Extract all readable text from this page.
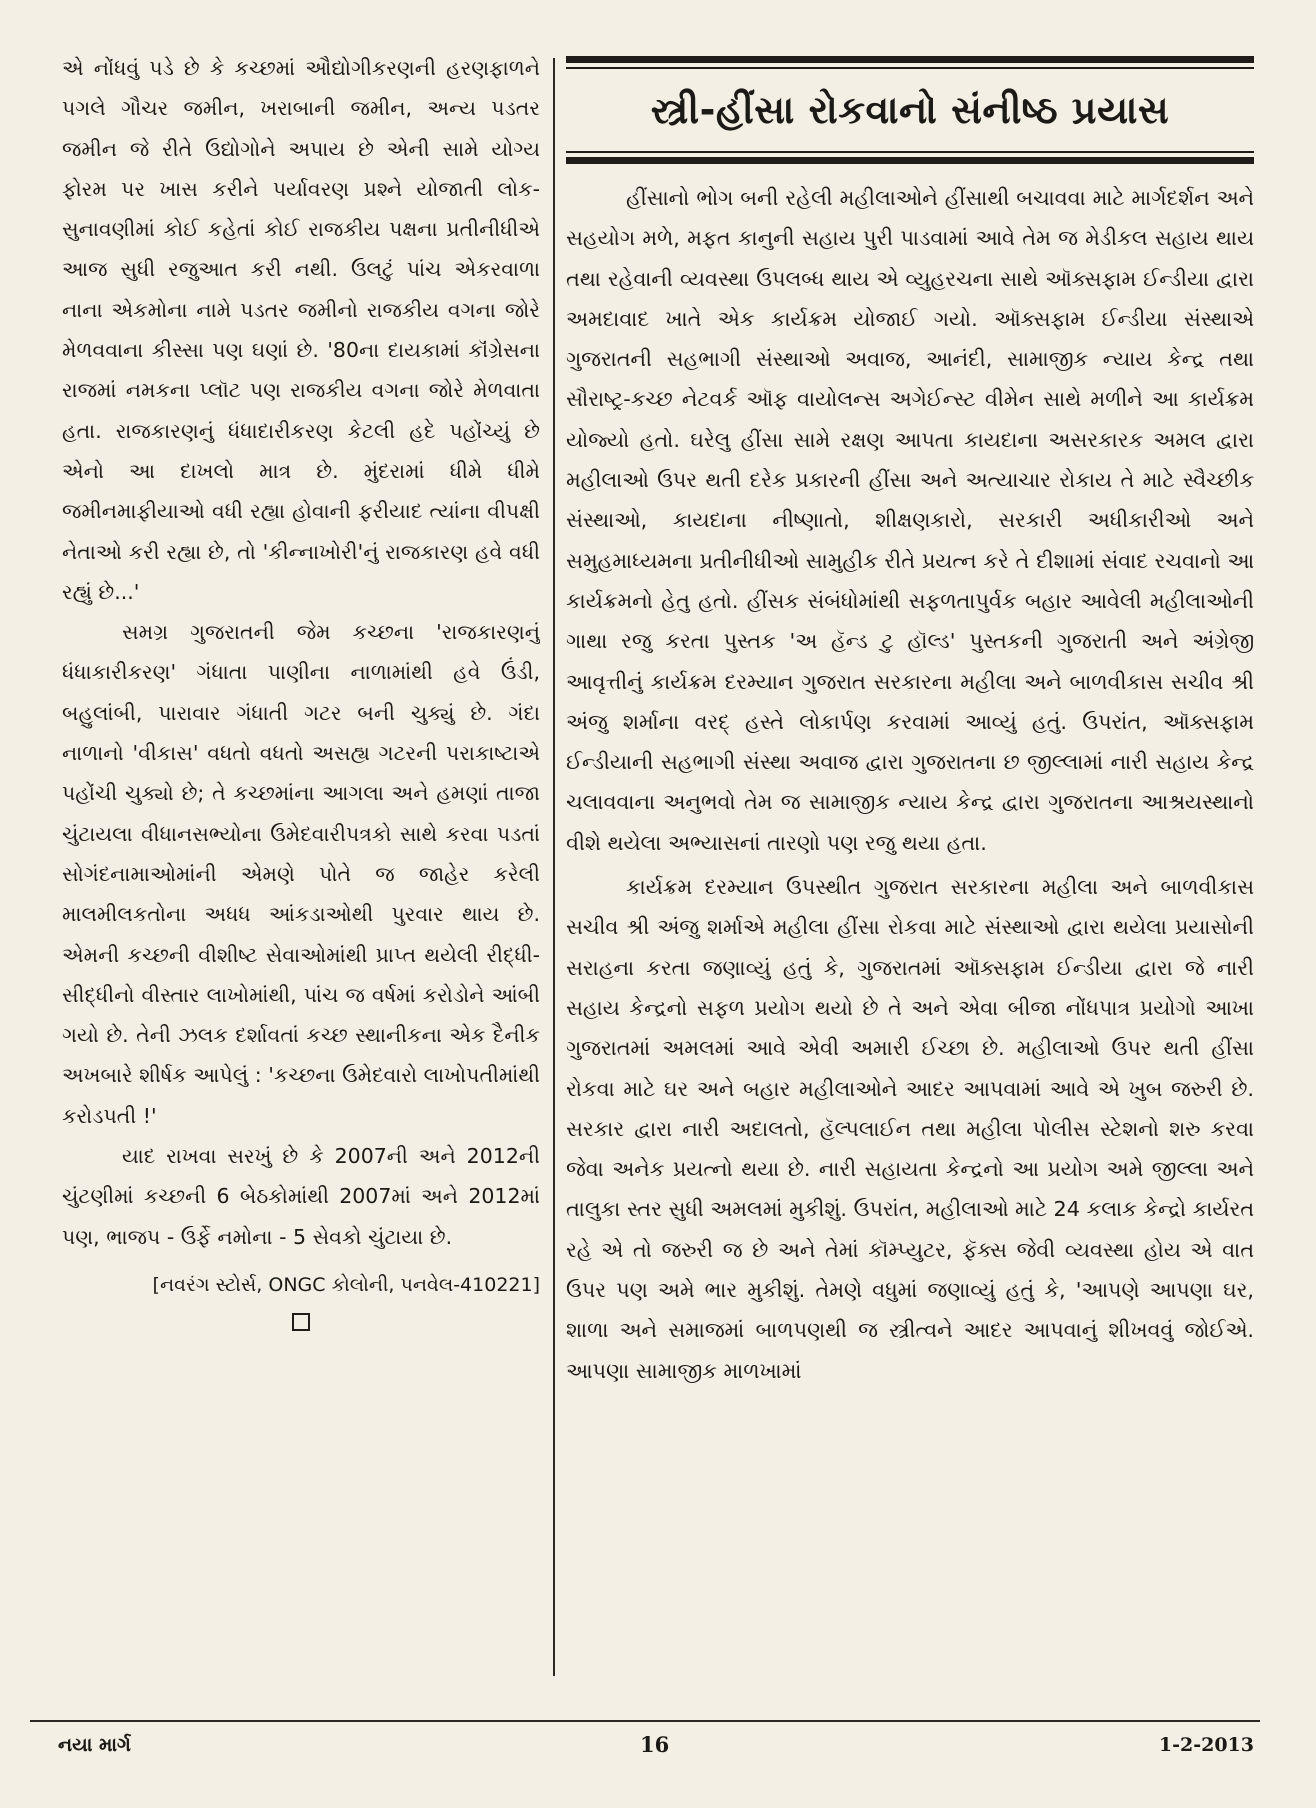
એ નોંધવું પડે છે કે કચ્છમાં ઔદ્યોગીકરણની હરણફાળને પગલે ગૌચર જમીન, ખરાબાની જમીન, અન્ય પડતર જમીન જે રીતે ઉદ્યોગોને અપાય છે એની સામે યોગ્ય ફોરમ પર ખાસ કરીને પર્યાવરણ પ્રશ્ને યોજાતી લોક-સુનાવણીમાં કોઈ કહેતાં કોઈ રાજકીય પક્ષના પ્રતીનીધીએ આજ સુધી રજુઆત કરી નથી. ઉલટું પાંચ એકરવાળા નાના એકમોના નામે પડતર જમીનો રાજકીય વગના જોરે મેળવવાના કીસ્સા પણ ઘણાં છે. '80ના દાયકામાં કૉંગ્રેસના રાજમાં નમકના પ્લૉટ પણ રાજકીય વગના જોરે મેળવાતા હતા. રાજકારણનું ધંધાદારીકરણ કેટલી હદે પહોંચ્યું છે એનો આ દાખલો માત્ર છે. મુંદરામાં ધીમે ધીમે જમીનમાફીયાઓ વધી રહ્યા હોવાની ફરીયાદ ત્યાંના વીપક્ષી નેતાઓ કરી રહ્યા છે, તો 'કીન્નાખોરી'નું રાજકારણ હવે વધી રહ્યું છે...'

સમગ્ર ગુજરાતની જેમ કચ્છના 'રાજકારણનું ધંધાકારીકરણ' ગંધાતા પાણીના નાળામાંથી હવે ઉંડી, બહુલાંબી, પારાવાર ગંધાતી ગટર બની ચુક્યું છે. ગંદા નાળાનો 'વીકાસ' વધતો વધતો અસહ્ય ગટરની પરાકાષ્ટાએ પહોંચી ચુક્યો છે; તે કચ્છમાંના આગલા અને હમણાં તાજા ચુંટાયલા વીધાનસભ્યોના ઉમેદવારીપત્રકો સાથે કરવા પડતાં સોગંદનામાઓમાંની એમણે પોતે જ જાહેર કરેલી માલમીલકતોના અધધ આંકડાઓથી પુરવાર થાય છે. એમની કચ્છની વીશીષ્ટ સેવાઓમાંથી પ્રાપ્ત થયેલી રીદ્ધી-સીદ્ધીનો વીસ્તાર લાખોમાંથી, પાંચ જ વર્ષમાં કરોડોને આંબી ગયો છે. તેની ઝલક દર્શાવતાં કચ્છ સ્થાનીકના એક દૈનીક અખબારે શીર્ષક આપેલું : 'કચ્છના ઉમેદવારો લાખોપતીમાંથી કરોડપતી !'

યાદ રાખવા સરખું છે કે 2007ની અને 2012ની ચુંટણીમાં કચ્છની 6 બેઠકોમાંથી 2007માં અને 2012માં પણ, ભાજપ - ઉર્ફે નમોના - 5 સેવકો ચુંટાયા છે.

[નવરંગ સ્ટોર્સ, ONGC કોલોની, પનવેલ-410221]
સ્ત્રી-હીંસા રોકવાનો સંનીષ્ઠ પ્રયાસ

હીંસાનો ભોગ બની રહેલી મહીલાઓને હીંસાથી બચાવવા માટે માર્ગદર્શન અને સહયોગ મળે, મફત કાનુની સહાય પુરી પાડવામાં આવે તેમ જ મેડીકલ સહાય થાય તથા રહેવાની વ્યવસ્થા ઉપલબ્ધ થાય એ વ્યુહરચના સાથે ઑક્સફામ ઈન્ડીયા દ્વારા અમદાવાદ ખાતે એક કાર્યક્રમ યોજાઈ ગયો. ઑક્સફામ ઈન્ડીયા સંસ્થાએ ગુજરાતની સહભાગી સંસ્થાઓ અવાજ, આનંદી, સામાજીક ન્યાય કેન્દ્ર તથા સૌરાષ્ટ્ર-કચ્છ નેટવર્ક ઑફ વાયોલન્સ અગેઈન્સ્ટ વીમેન સાથે મળીને આ કાર્યક્રમ યોજ્યો હતો. ઘરેલુ હીંસા સામે રક્ષણ આપતા કાયદાના અસરકારક અમલ દ્વારા મહીલાઓ ઉપર થતી દરેક પ્રકારની હીંસા અને અત્યાચાર રોકાય તે માટે સ્વૈચ્છીક સંસ્થાઓ, કાયદાના નીષ્ણાતો, શીક્ષણકારો, સરકારી અધીકારીઓ અને સમુહમાધ્યમના પ્રતીનીધીઓ સામુહીક રીતે પ્રયત્ન કરે તે દીશામાં સંવાદ રચવાનો આ કાર્યક્રમનો હેતુ હતો. હીંસક સંબંધોમાંથી સફળતાપુર્વક બહાર આવેલી મહીલાઓની ગાથા રજુ કરતા પુસ્તક 'અ હૅન્ડ ટુ હૉલ્ડ' પુસ્તકની ગુજરાતી અને અંગ્રેજી આવૃત્તીનું કાર્યક્રમ દરમ્યાન ગુજરાત સરકારના મહીલા અને બાળવીકાસ સચીવ શ્રી અંજુ શર્માના વરદ્ હસ્તે લોકાર્પણ કરવામાં આવ્યું હતું. ઉપરાંત, ઑક્સફામ ઈન્ડીયાની સહભાગી સંસ્થા અવાજ દ્વારા ગુજરાતના છ જીલ્લામાં નારી સહાય કેન્દ્ર ચલાવવાના અનુભવો તેમ જ સામાજીક ન્યાય કેન્દ્ર દ્વારા ગુજરાતના આશ્રયસ્થાનો વીશે થયેલા અભ્યાસનાં તારણો પણ રજુ થયા હતા.

કાર્યક્રમ દરમ્યાન ઉપસ્થીત ગુજરાત સરકારના મહીલા અને બાળવીકાસ સચીવ શ્રી અંજુ શર્માએ મહીલા હીંસા રોકવા માટે સંસ્થાઓ દ્વારા થયેલા પ્રયાસોની સરાહના કરતા જણાવ્યું હતું કે, ગુજરાતમાં ઑક્સફામ ઈન્ડીયા દ્વારા જે નારી સહાય કેન્દ્રનો સફળ પ્રયોગ થયો છે તે અને એવા બીજા નોંધપાત્ર પ્રયોગો આખા ગુજરાતમાં અમલમાં આવે એવી અમારી ઈચ્છા છે. મહીલાઓ ઉપર થતી હીંસા રોકવા માટે ઘર અને બહાર મહીલાઓને આદર આપવામાં આવે એ ખુબ જરુરી છે. સરકાર દ્વારા નારી અદાલતો, હૅલ્પલાઈન તથા મહીલા પોલીસ સ્ટેશનો શરુ કરવા જેવા અનેક પ્રયત્નો થયા છે. નારી સહાયતા કેન્દ્રનો આ પ્રયોગ અમે જીલ્લા અને તાલુકા સ્તર સુધી અમલમાં મુકીશું. ઉપરાંત, મહીલાઓ માટે 24 કલાક કેન્દ્રો કાર્યરત રહે એ તો જરુરી જ છે અને તેમાં કૉમ્પ્યુટર, ફૅક્સ જેવી વ્યવસ્થા હોય એ વાત ઉપર પણ અમે ભાર મુકીશું. તેમણે વધુમાં જણાવ્યું હતું કે, 'આપણે આપણા ઘર, શાળા અને સમાજમાં બાળપણથી જ સ્ત્રીત્વને આદર આપવાનું શીખવવું જોઈએ. આપણા સામાજીક માળખામાં

નયા માર્ગ	16	1-2-2013
